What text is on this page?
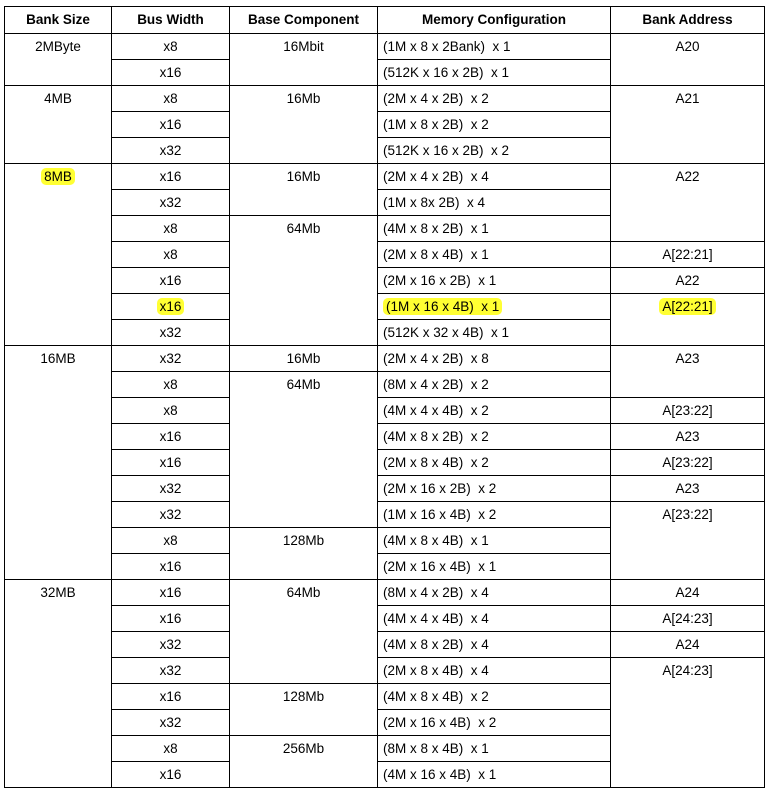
Bank Size	Bus Width	Base Component	Memory Configuration	Bank Address
2MByte	x8	16Mbit	(1M x 8 x 2Bank)  x 1	A20
	x16		(512K x 16 x 2B)  x 1	
4MB	x8	16Mb	(2M x 4 x 2B)  x 2	A21
	x16		(1M x 8 x 2B)  x 2	
	x32		(512K x 16 x 2B)  x 2	
8MB	x16	16Mb	(2M x 4 x 2B)  x 4	A22
	x32		(1M x 8x 2B)  x 4	
	x8	64Mb	(4M x 8 x 2B)  x 1	
	x8		(2M x 8 x 4B)  x 1	A[22:21]
	x16		(2M x 16 x 2B)  x 1	A22
	x16		(1M x 16 x 4B)  x 1	A[22:21]
	x32		(512K x 32 x 4B)  x 1	
16MB	x32	16Mb	(2M x 4 x 2B)  x 8	A23
	x8	64Mb	(8M x 4 x 2B)  x 2	
	x8		(4M x 4 x 4B)  x 2	A[23:22]
	x16		(4M x 8 x 2B)  x 2	A23
	x16		(2M x 8 x 4B)  x 2	A[23:22]
	x32		(2M x 16 x 2B)  x 2	A23
	x32		(1M x 16 x 4B)  x 2	A[23:22]
	x8	128Mb	(4M x 8 x 4B)  x 1	
	x16		(2M x 16 x 4B)  x 1	
32MB	x16	64Mb	(8M x 4 x 2B)  x 4	A24
	x16		(4M x 4 x 4B)  x 4	A[24:23]
	x32		(4M x 8 x 2B)  x 4	A24
	x32		(2M x 8 x 4B)  x 4	A[24:23]
	x16	128Mb	(4M x 8 x 4B)  x 2	
	x32		(2M x 16 x 4B)  x 2	
	x8	256Mb	(8M x 8 x 4B)  x 1	
	x16		(4M x 16 x 4B)  x 1	
